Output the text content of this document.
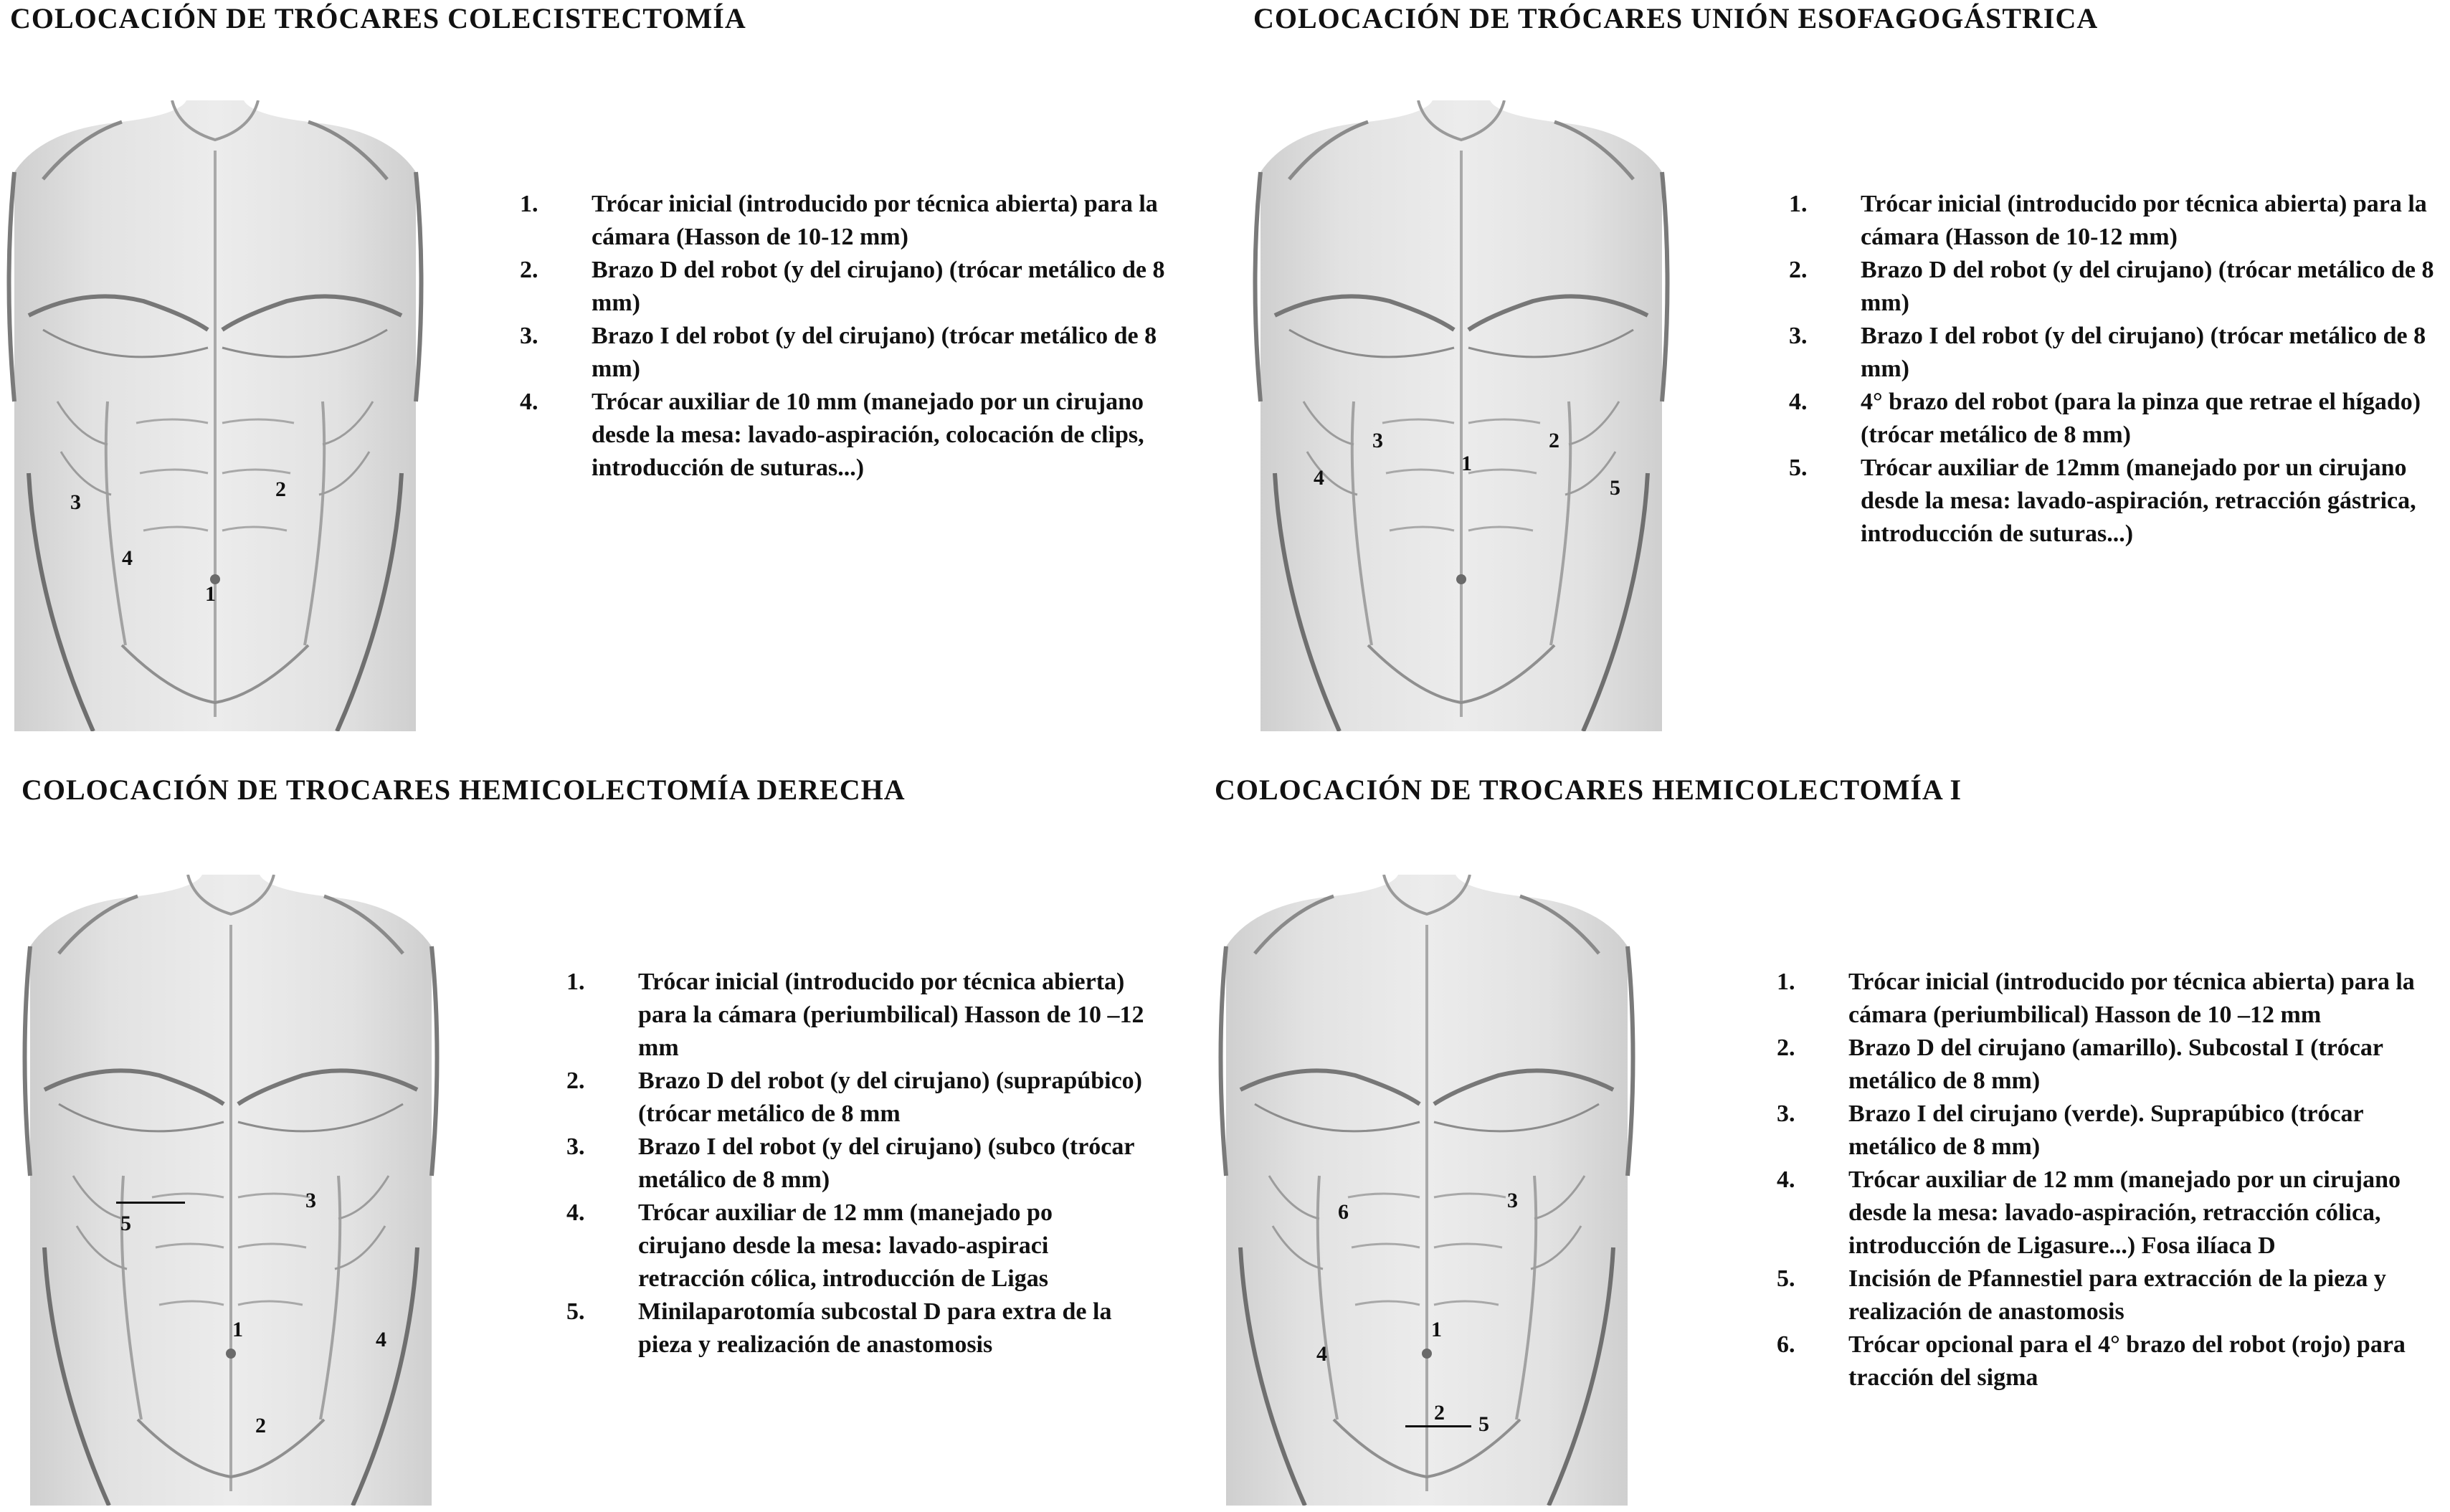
COLOCACIÓN DE TRÓCARES COLECISTECTOMÍA
3
2
4
1
1. Trócar inicial (introducido por técnica abierta) para la cámara (Hasson de 10-12 mm)
2. Brazo D del robot (y del cirujano) (trócar metálico de 8 mm)
3. Brazo I del robot (y del cirujano) (trócar metálico de 8 mm)
4. Trócar auxiliar de 10 mm (manejado por un cirujano desde la mesa: lavado-aspiración, colocación de clips, introducción de suturas...)
COLOCACIÓN DE TRÓCARES UNIÓN ESOFAGOGÁSTRICA
3
1
2
4	5
1. Trócar inicial (introducido por técnica abierta) para la cámara (Hasson de 10-12 mm)
2. Brazo D del robot (y del cirujano) (trócar metálico de 8 mm)
3. Brazo I del robot (y del cirujano) (trócar metálico de 8 mm)
4. 4° brazo del robot (para la pinza que retrae el hígado) (trócar metálico de 8 mm)
5. Trócar auxiliar de 12mm (manejado por un cirujano desde la mesa: lavado-aspiración, retracción gástrica, introducción de suturas...)
COLOCACIÓN DE TROCARES HEMICOLECTOMÍA DERECHA
5
3
1	4
2
1. Trócar inicial (introducido por técnica abierta) para la cámara (periumbilical) Hasson de 10 –12 mm
2. Brazo D del robot (y del cirujano) (suprapúbico) (trócar metálico de 8 mm
3. Brazo I del robot (y del cirujano) (subco (trócar metálico de 8 mm)
4. Trócar auxiliar de 12 mm (manejado po cirujano desde la mesa: lavado-aspiraci retracción cólica, introducción de Ligas
5. Minilaparotomía subcostal D para extra de la pieza y realización de anastomosis
COLOCACIÓN DE TROCARES HEMICOLECTOMÍA I
6	3
1
4
2 5
1. Trócar inicial (introducido por técnica abierta) para la cámara (periumbilical) Hasson de 10 –12 mm
2. Brazo D del cirujano (amarillo). Subcostal I (trócar metálico de 8 mm)
3. Brazo I del cirujano (verde). Suprapúbico (trócar metálico de 8 mm)
4. Trócar auxiliar de 12 mm (manejado por un cirujano desde la mesa: lavado-aspiración, retracción cólica, introducción de Ligasure...) Fosa ilíaca D
5. Incisión de Pfannestiel para extracción de la pieza y realización de anastomosis
6. Trócar opcional para el 4° brazo del robot (rojo) para tracción del sigma
